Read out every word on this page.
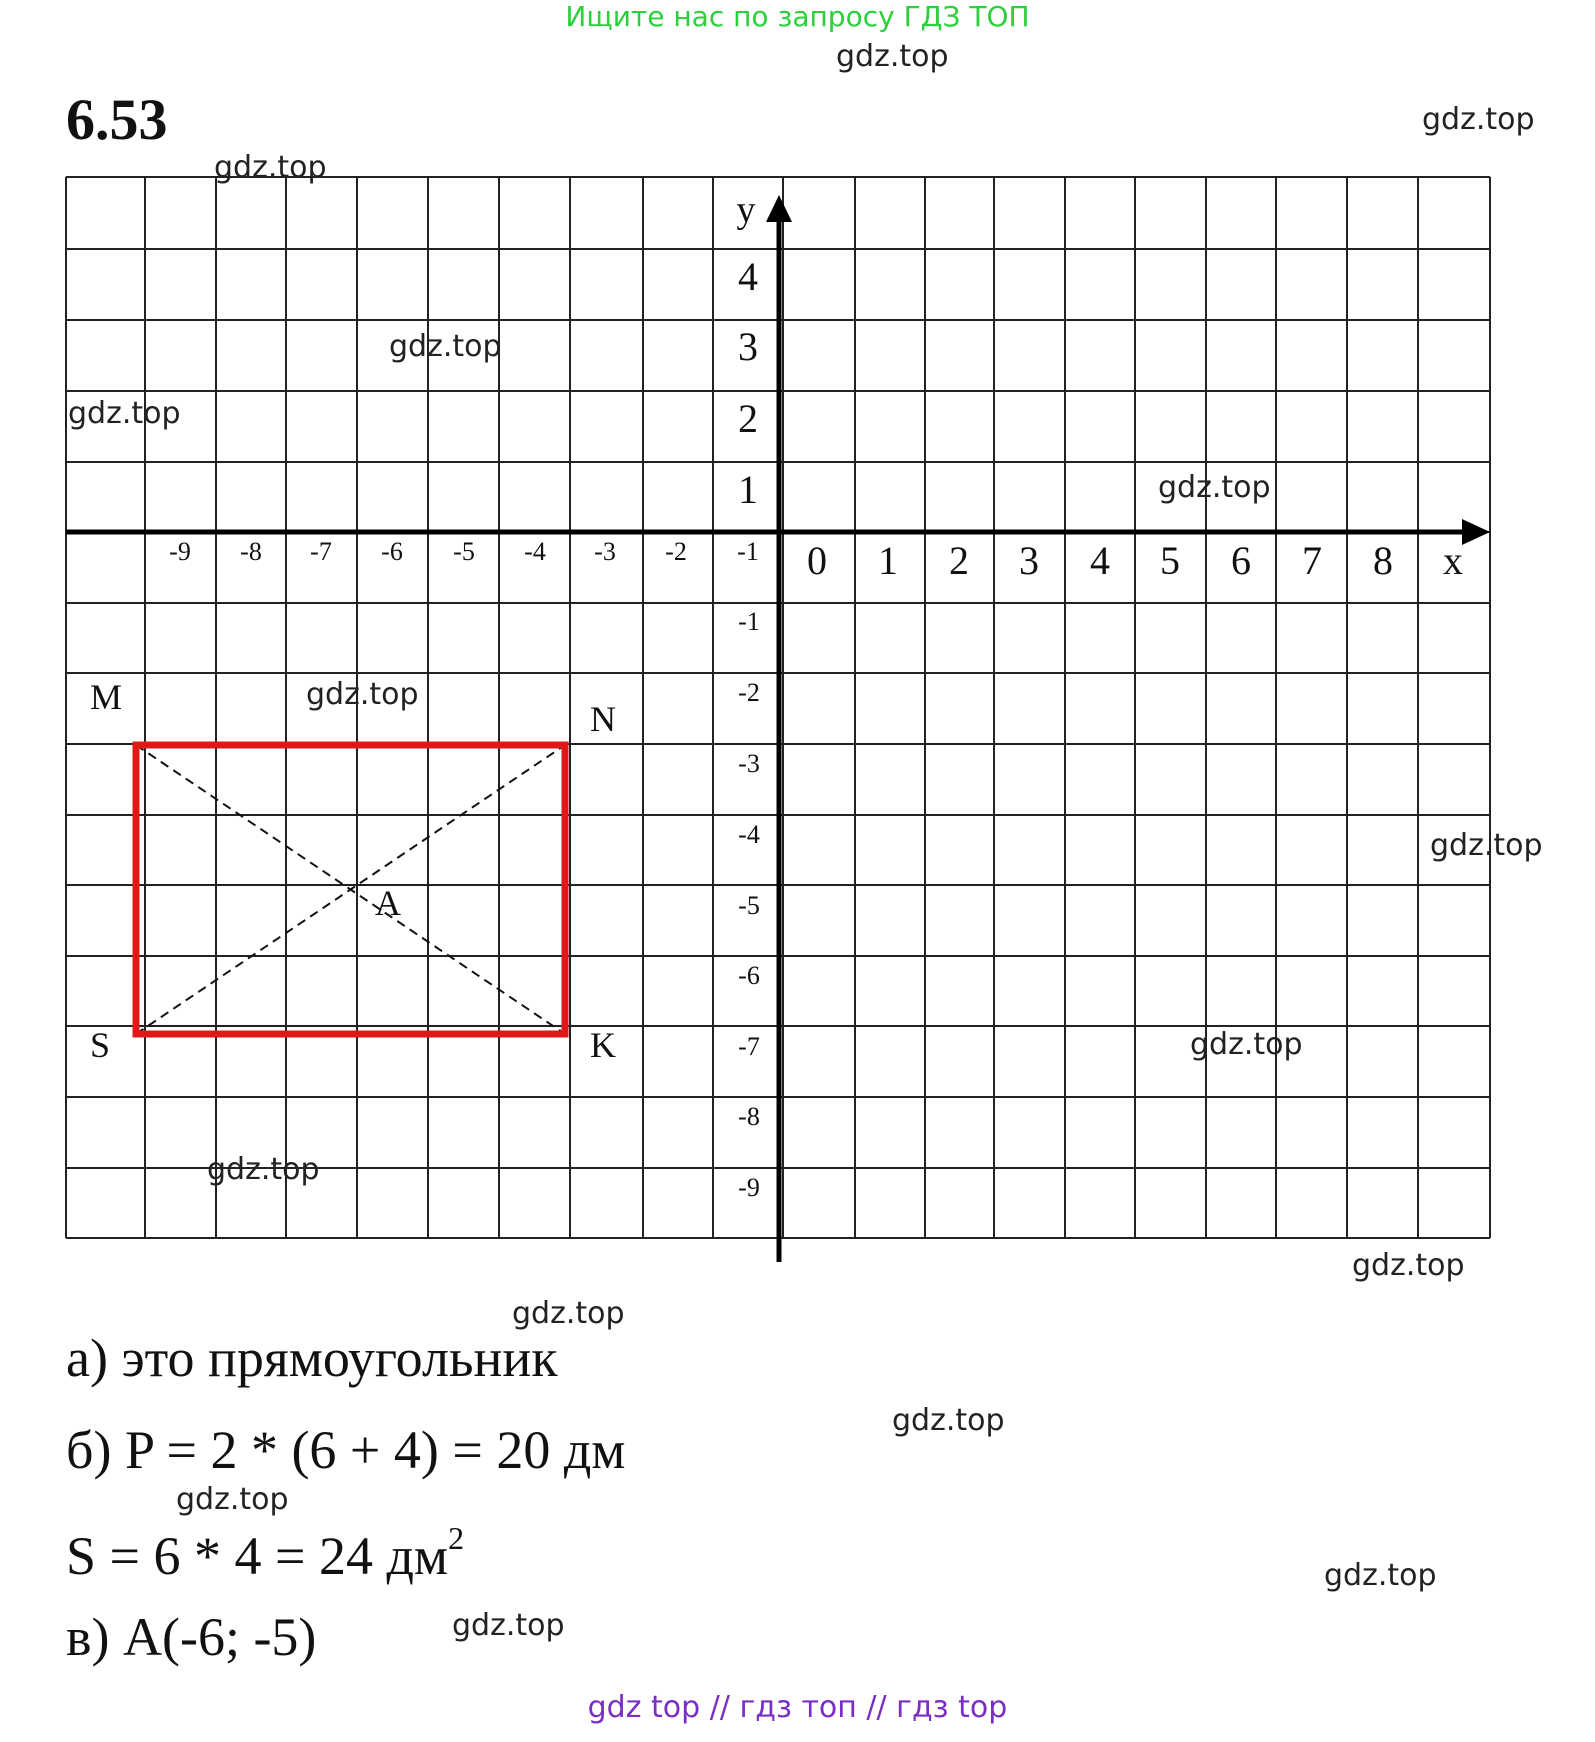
Ищите нас по запросу ГДЗ ТОП
gdz.top
6.53
-9 -8 -7 -6 -5 -4 -3 -2 -1 0 1 2 3 4 5 6 7 8 x
y
4
3
2
1
-1
-2
-3
-4
-5
-6
-7
-8
-9
M
N
S	K
A
gdz.top
gdz.top
gdz.top
gdz.top
gdz.top
gdz.top
gdz.top
gdz.top
gdz.top
gdz.top
gdz.top
gdz.top
gdz.top
gdz.top
gdz.top
а) это прямоугольник
б) P = 2 * (6 + 4) = 20 дм
S = 6 * 4 = 24 $дм^2$
в) A(-6; -5)
gdz top // гдз топ // гдз top
